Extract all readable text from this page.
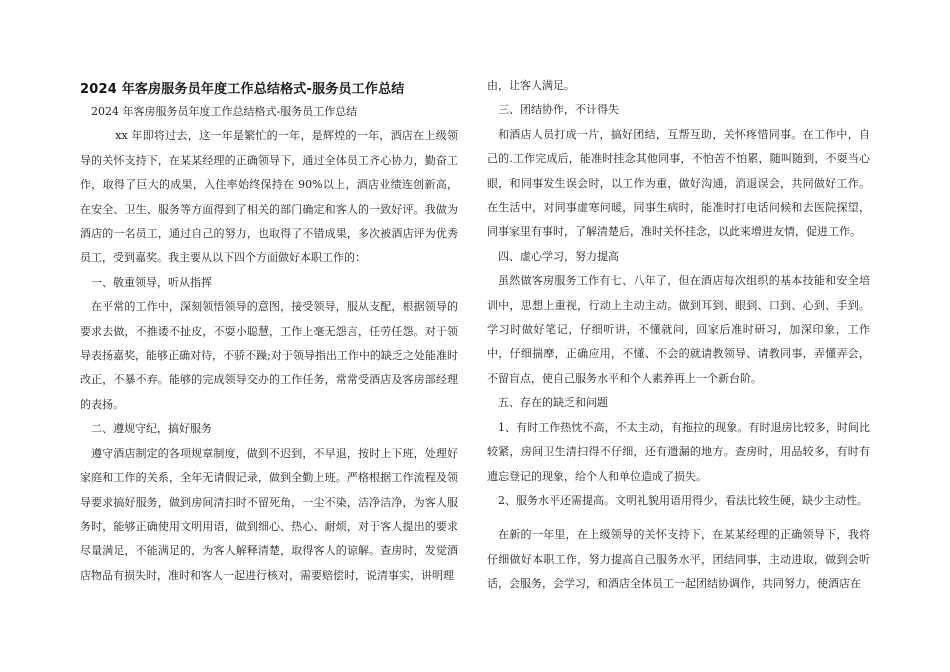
2024 年客房服务员年度工作总结格式-服务员工作总结

2024 年客房服务员年度工作总结格式-服务员工作总结

xx 年即将过去，这一年是繁忙的一年，是辉煌的一年，酒店在上级领导的关怀支持下，在某某经理的正确领导下，通过全体员工齐心协力，勤奋工作，取得了巨大的成果，入住率始终保持在 90%以上，酒店业绩连创新高，在安全、卫生、服务等方面得到了相关的部门确定和客人的一致好评。我做为酒店的一名员工，通过自己的努力，也取得了不错成果，多次被酒店评为优秀员工，受到嘉奖。我主要从以下四个方面做好本职工作的：

一、敬重领导，听从指挥

在平常的工作中，深刻领悟领导的意图，接受领导，服从支配，根据领导的要求去做，不推诿不扯皮，不耍小聪慧，工作上毫无怨言，任劳任怨。对于领导表扬嘉奖，能够正确对待，不骄不躁;对于领导指出工作中的缺乏之处能准时改正，不暴不弃。能够的完成领导交办的工作任务，常常受酒店及客房部经理的表扬。

二、遵规守纪，搞好服务

遵守酒店制定的各项规章制度，做到不迟到，不早退，按时上下班，处理好家庭和工作的关系，全年无请假记录，做到全勤上班。严格根据工作流程及领导要求搞好服务，做到房间清扫时不留死角，一尘不染，洁净洁净，为客人服务时，能够正确使用文明用语，做到细心、热心、耐烦，对于客人提出的要求尽量满足，不能满足的，为客人解释清楚，取得客人的谅解。查房时，发觉酒店物品有损失时，准时和客人一起进行核对，需要赔偿时，说清事实，讲明理

由，让客人满足。

三、团结协作，不计得失

和酒店人员打成一片，搞好团结，互帮互助，关怀疼惜同事。在工作中，自己的.工作完成后，能准时挂念其他同事，不怕苦不怕累，随叫随到，不耍当心眼，和同事发生误会时，以工作为重，做好沟通，消退误会，共同做好工作。在生活中，对同事虚寒问暖，同事生病时，能准时打电话问候和去医院探望，同事家里有事时，了解清楚后，准时关怀挂念，以此来增进友情，促进工作。

四、虚心学习，努力提高

虽然做客房服务工作有七、八年了，但在酒店每次组织的基本技能和安全培训中，思想上重视，行动上主动主动。做到耳到、眼到、口到、心到、手到。学习时做好笔记，仔细听讲，不懂就问，回家后准时研习，加深印象，工作中，仔细揣摩，正确应用，不懂、不会的就请教领导、请教同事，弄懂弄会，不留盲点，使自己服务水平和个人素养再上一个新台阶。

五、存在的缺乏和问题

1、有时工作热忱不高，不太主动，有拖拉的现象。有时退房比较多，时间比较紧，房间卫生清扫得不仔细，还有遗漏的地方。查房时，用品较多，有时有遗忘登记的现象，给个人和单位造成了损失。

2、服务水平还需提高。文明礼貌用语用得少，看法比较生硬，缺少主动性。

在新的一年里，在上级领导的关怀支持下，在某某经理的正确领导下，我将仔细做好本职工作，努力提高自己服务水平，团结同事，主动进取，做到会听话，会服务，会学习，和酒店全体员工一起团结协调作，共同努力，使酒店在
